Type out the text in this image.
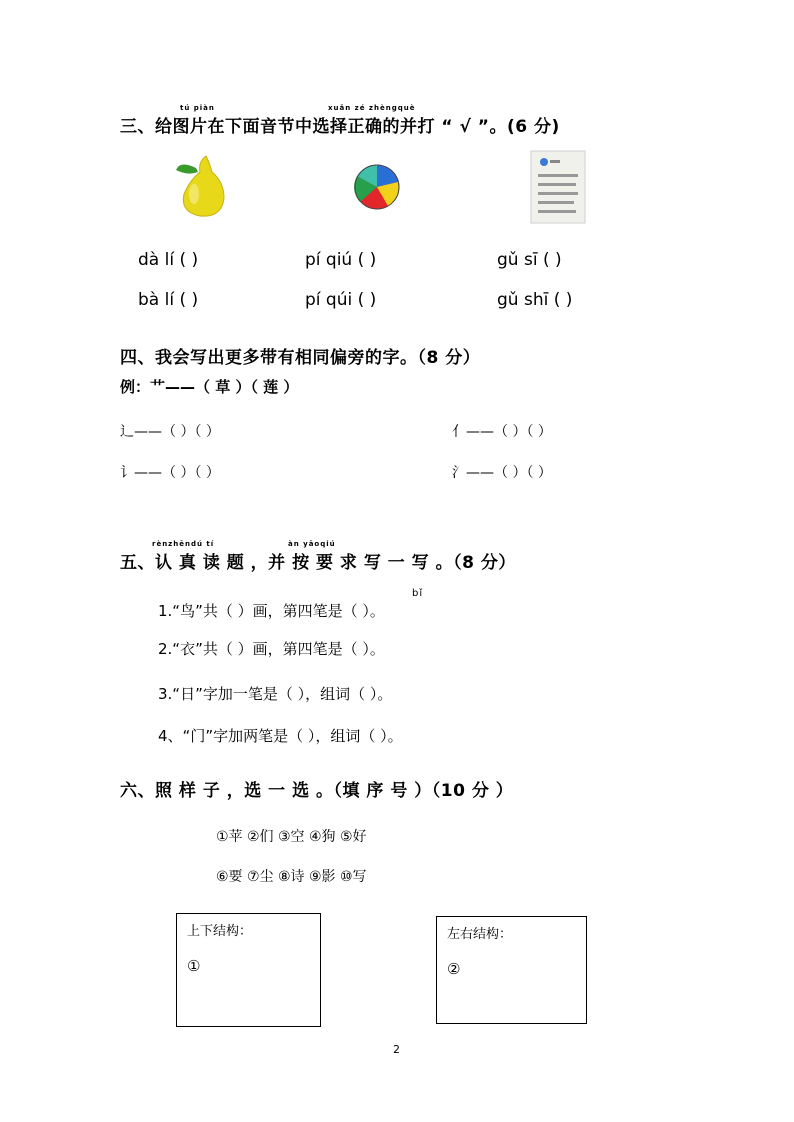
tú piàn	xuǎn zé zhèngquè
三、给图片在下面音节中选择正确的并打 “ √ ”。(6 分)
dà lí ( )	pí qiú ( )	gǔ sī ( )
bà lí ( )	pí qúi ( )	gǔ shī ( )
四、我会写出更多带有相同偏旁的字。（8 分）
例：艹——（ 草 ）（ 莲 ）
辶——（ ）（ ）	亻——（ ）（ ）
讠——（ ）（ ）	氵——（ ）（ ）
rènzhēndú tí	àn yāoqiú
五、认 真 读 题 ，并 按 要 求 写 一 写 。（8 分）
bǐ
1.“鸟”共（ ）画，第四笔是（ ）。
2.“衣”共（ ）画，第四笔是（ ）。
3.“日”字加一笔是（ ），组词（ ）。
4、“门”字加两笔是（ ），组词（ ）。
六、照 样 子 ，选 一 选 。（填 序 号 ）（10 分 ）
①苹 ②们 ③空 ④狗 ⑤好
⑥要 ⑦尘 ⑧诗 ⑨影 ⑩写
上下结构：
①
左右结构：
②
2
